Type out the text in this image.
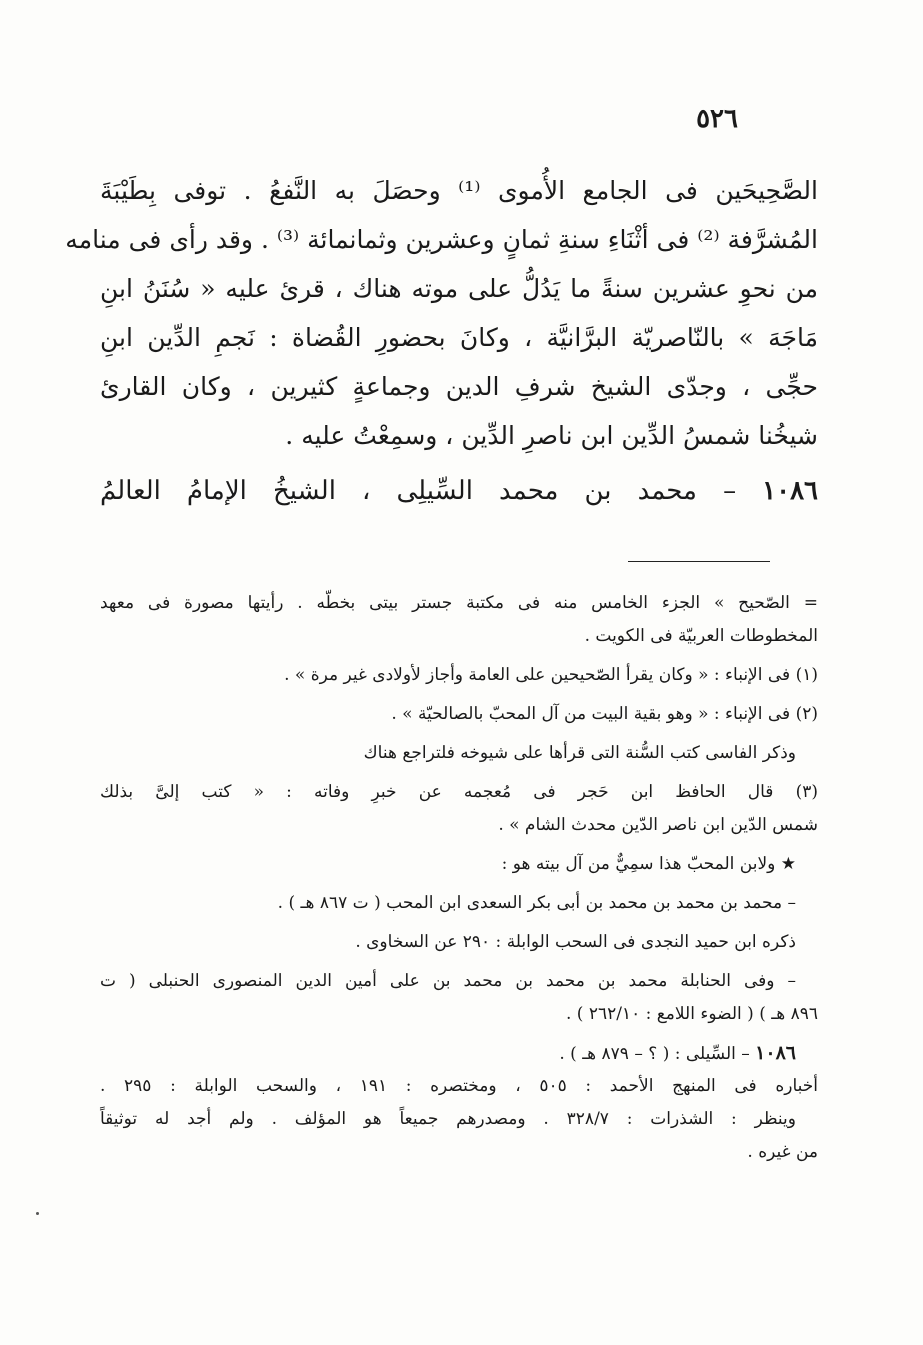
٥٢٦
الصَّحِيحَين فى الجامع الأُموى ⁽¹⁾ وحصَلَ به النَّفعُ . توفى بِطَيْبَةَ
المُشرَّفة ⁽²⁾ فى أثْنَاءِ سنةِ ثمانٍ وعشرين وثمانمائة ⁽³⁾ . وقد رأى فى منامه
من نحوِ عشرين سنةً ما يَدُلُّ على موته هناك ، قرئ عليه « سُنَنُ ابنِ
مَاجَهَ » بالنّاصريّة البرَّانيَّة ، وكانَ بحضورِ القُضاة : نَجمِ الدِّين ابنِ
حجِّى ، وجدّى الشيخ شرفِ الدين وجماعةٍ كثيرين ، وكان القارئ
شيخُنا شمسُ الدِّين ابن ناصرِ الدِّين ، وسمِعْتُ عليه .
١٠٨٦ – محمد بن محمد السِّيلِى ، الشيخُ الإمامُ العالمُ
= الصّحيح » الجزء الخامس منه فى مكتبة جستر بيتى بخطّه . رأيتها مصورة فى معهد
المخطوطات العربيّة فى الكويت .
(١) فى الإنباء : « وكان يقرأ الصّحيحين على العامة وأجاز لأولادى غير مرة » .
(٢) فى الإنباء : « وهو بقية البيت من آل المحبّ بالصالحيّة » .
وذكر الفاسى كتب السُّنة التى قرأها على شيوخه فلتراجع هناك
(٣) قال الحافظ ابن حَجر فى مُعجمه عن خبرِ وفاته : « كتب إلىَّ بذلك
شمس الدّين ابن ناصر الدّين محدث الشام » .
★ ولابن المحبّ هذا سمِيٌّ من آل بيته هو :
– محمد بن محمد بن محمد بن أبى بكر السعدى ابن المحب ( ت ٨٦٧ هـ ) .
ذكره ابن حميد النجدى فى السحب الوابلة : ٢٩٠ عن السخاوى .
– وفى الحنابلة محمد بن محمد بن محمد بن على أمين الدين المنصورى الحنبلى ( ت
٨٩٦ هـ ) ( الضوء اللامع : ٢٦٢/١٠ ) .
١٠٨٦ – السِّيلى : ( ؟ – ٨٧٩ هـ ) .
أخباره فى المنهج الأحمد : ٥٠٥ ، ومختصره : ١٩١ ، والسحب الوابلة : ٢٩٥ .
وينظر : الشذرات : ٣٢٨/٧ . ومصدرهم جميعاً هو المؤلف . ولم أجد له توثيقاً
من غيره .
